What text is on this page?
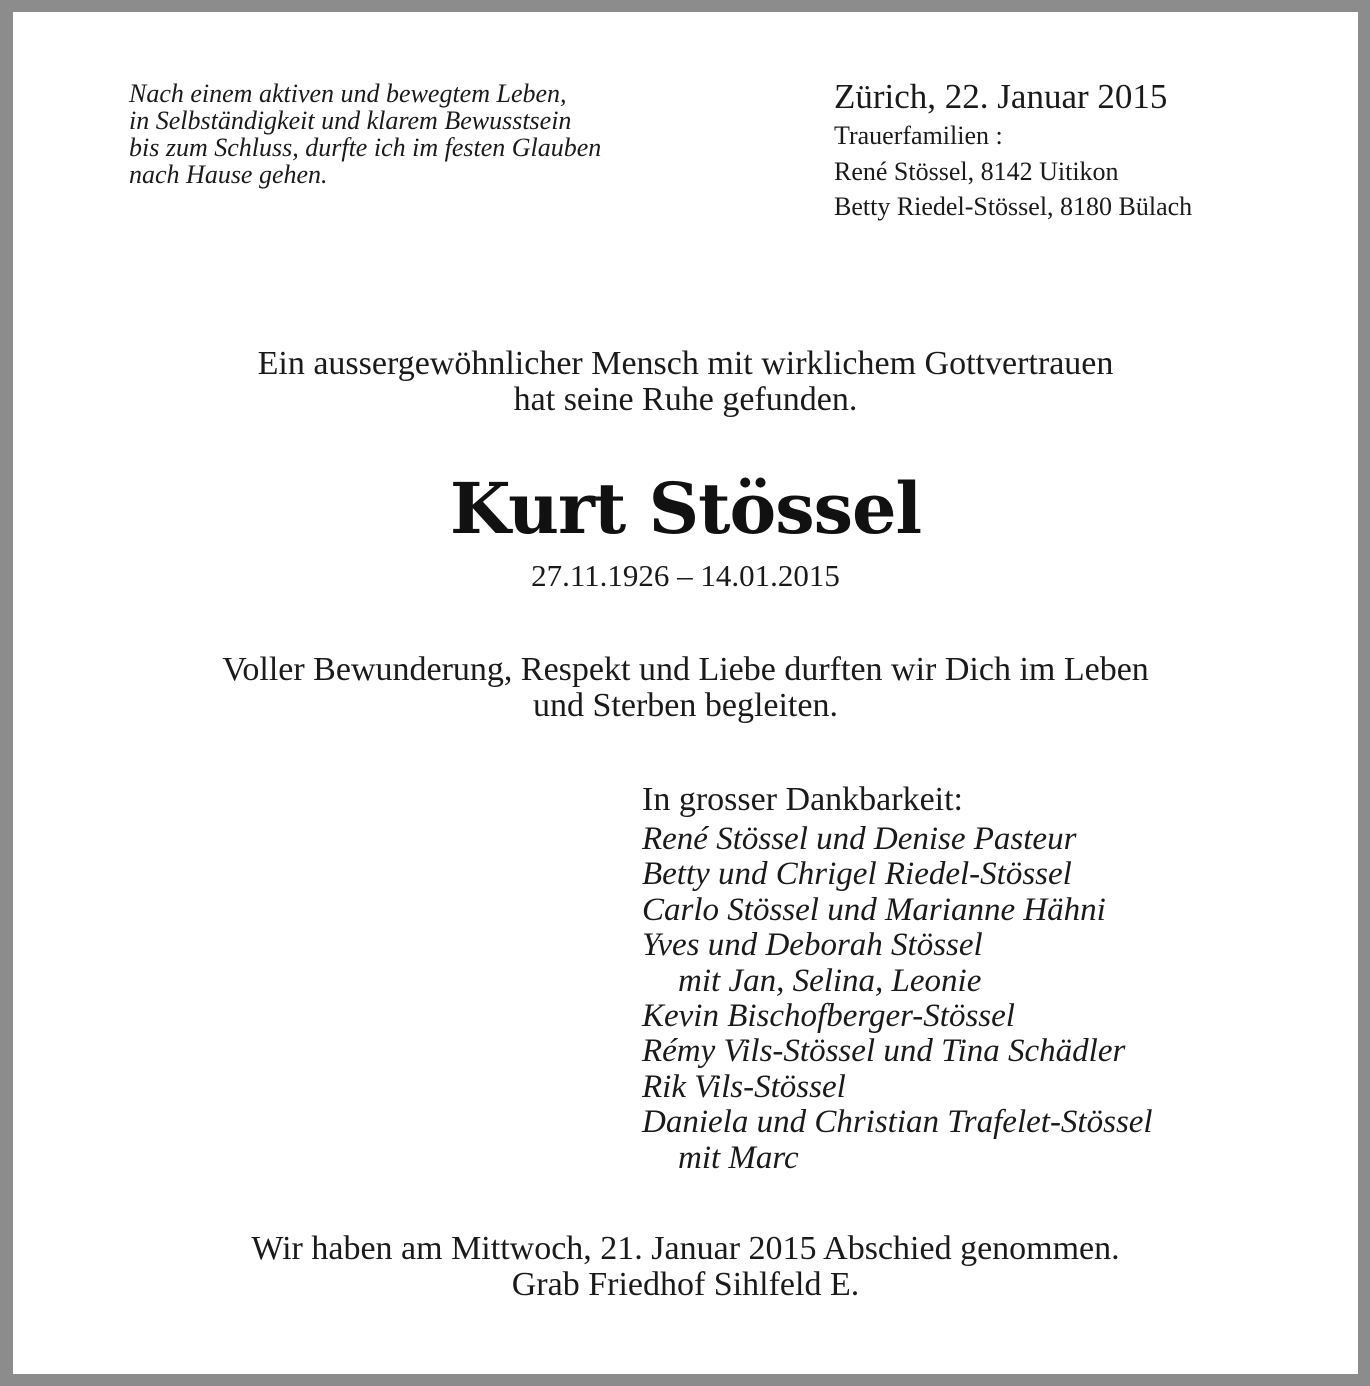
Nach einem aktiven und bewegtem Leben,
in Selbständigkeit und klarem Bewusstsein
bis zum Schluss, durfte ich im festen Glauben
nach Hause gehen.
Zürich, 22. Januar 2015
Trauerfamilien :
René Stössel, 8142 Uitikon
Betty Riedel-Stössel, 8180 Bülach
Ein aussergewöhnlicher Mensch mit wirklichem Gottvertrauen
hat seine Ruhe gefunden.
Kurt Stössel
27.11.1926 – 14.01.2015
Voller Bewunderung, Respekt und Liebe durften wir Dich im Leben
und Sterben begleiten.
In grosser Dankbarkeit:
René Stössel und Denise Pasteur
Betty und Chrigel Riedel-Stössel
Carlo Stössel und Marianne Hähni
Yves und Deborah Stössel
mit Jan, Selina, Leonie
Kevin Bischofberger-Stössel
Rémy Vils-Stössel und Tina Schädler
Rik Vils-Stössel
Daniela und Christian Trafelet-Stössel
mit Marc
Wir haben am Mittwoch, 21. Januar 2015 Abschied genommen.
Grab Friedhof Sihlfeld E.
